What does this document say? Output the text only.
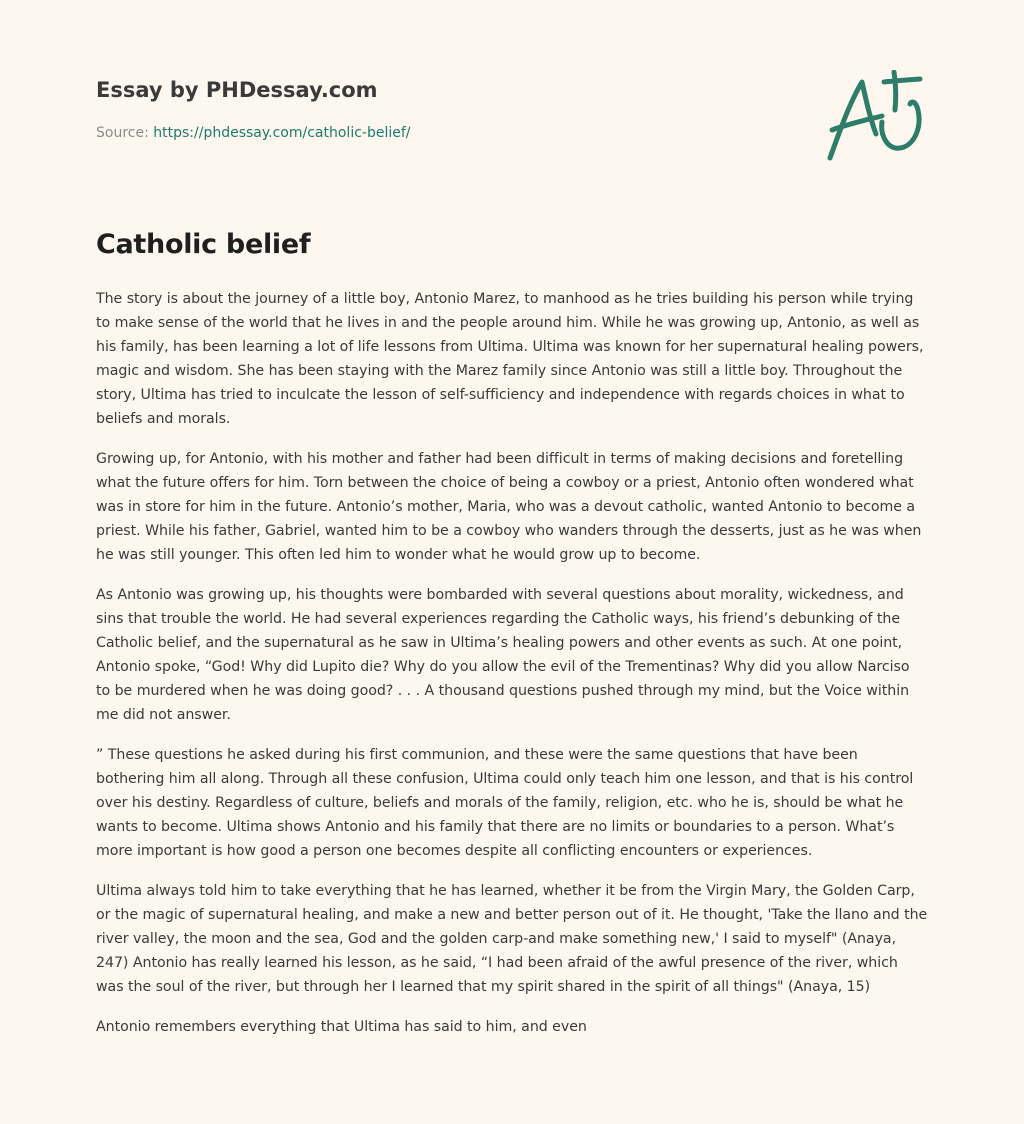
Essay by PHDessay.com
Source: https://phdessay.com/catholic-belief/
Catholic belief

The story is about the journey of a little boy, Antonio Marez, to manhood as he tries building his person while trying to make sense of the world that he lives in and the people around him. While he was growing up, Antonio, as well as his family, has been learning a lot of life lessons from Ultima. Ultima was known for her supernatural healing powers, magic and wisdom. She has been staying with the Marez family since Antonio was still a little boy. Throughout the story, Ultima has tried to inculcate the lesson of self-sufficiency and independence with regards choices in what to beliefs and morals.

Growing up, for Antonio, with his mother and father had been difficult in terms of making decisions and foretelling what the future offers for him. Torn between the choice of being a cowboy or a priest, Antonio often wondered what was in store for him in the future. Antonio’s mother, Maria, who was a devout catholic, wanted Antonio to become a priest. While his father, Gabriel, wanted him to be a cowboy who wanders through the desserts, just as he was when he was still younger. This often led him to wonder what he would grow up to become.

As Antonio was growing up, his thoughts were bombarded with several questions about morality, wickedness, and sins that trouble the world. He had several experiences regarding the Catholic ways, his friend’s debunking of the Catholic belief, and the supernatural as he saw in Ultima’s healing powers and other events as such. At one point, Antonio spoke, “God! Why did Lupito die? Why do you allow the evil of the Trementinas? Why did you allow Narciso to be murdered when he was doing good? . . . A thousand questions pushed through my mind, but the Voice within me did not answer.

” These questions he asked during his first communion, and these were the same questions that have been bothering him all along. Through all these confusion, Ultima could only teach him one lesson, and that is his control over his destiny. Regardless of culture, beliefs and morals of the family, religion, etc. who he is, should be what he wants to become. Ultima shows Antonio and his family that there are no limits or boundaries to a person. What’s more important is how good a person one becomes despite all conflicting encounters or experiences.

Ultima always told him to take everything that he has learned, whether it be from the Virgin Mary, the Golden Carp, or the magic of supernatural healing, and make a new and better person out of it. He thought, 'Take the llano and the river valley, the moon and the sea, God and the golden carp-and make something new,' I said to myself" (Anaya, 247) Antonio has really learned his lesson, as he said, “I had been afraid of the awful presence of the river, which was the soul of the river, but through her I learned that my spirit shared in the spirit of all things" (Anaya, 15)

Antonio remembers everything that Ultima has said to him, and even
